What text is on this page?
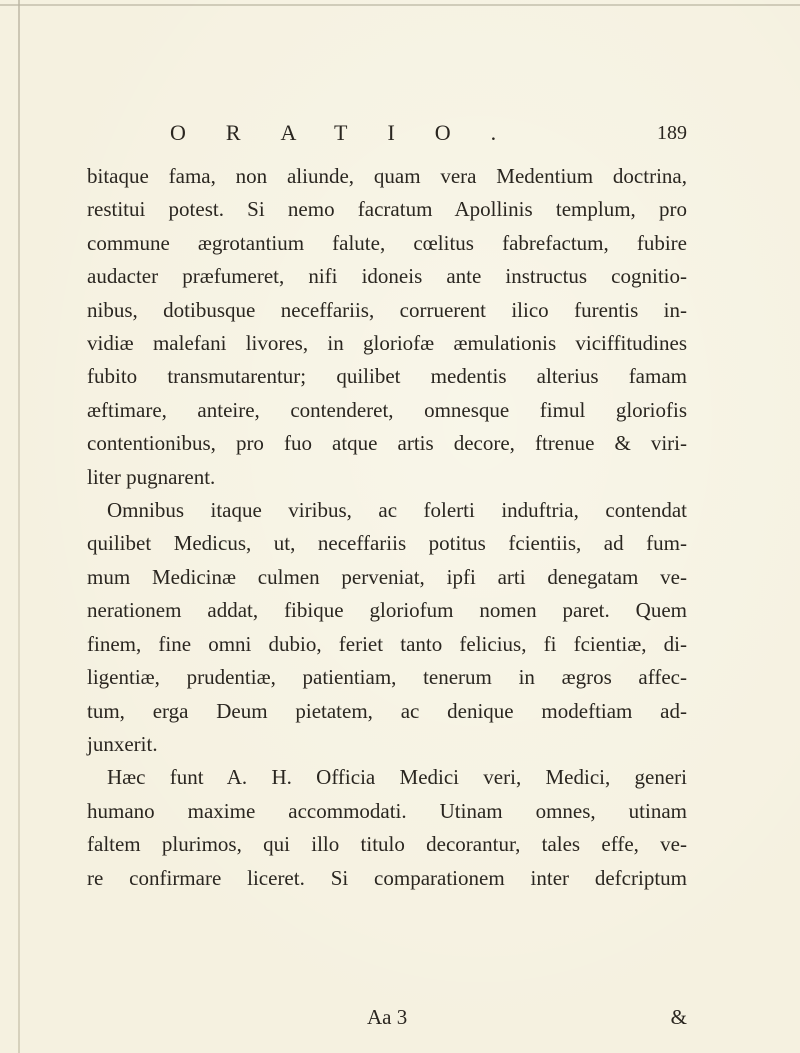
ORATIO.	189
bitaque fama, non aliunde, quam vera Medentium doctrina,
restitui potest. Si nemo facratum Apollinis templum, pro
commune ægrotantium falute, cœlitus fabrefactum, fubire
audacter præfumeret, nifi idoneis ante instructus cognitio-
nibus, dotibusque neceffariis, corruerent ilico furentis in-
vidiæ malefani livores, in gloriofæ æmulationis viciffitudines
fubito transmutarentur; quilibet medentis alterius famam
æftimare, anteire, contenderet, omnesque fimul gloriofis
contentionibus, pro fuo atque artis decore, ftrenue & viri-
liter pugnarent.
Omnibus itaque viribus, ac folerti induftria, contendat
quilibet Medicus, ut, neceffariis potitus fcientiis, ad fum-
mum Medicinæ culmen perveniat, ipfi arti denegatam ve-
nerationem addat, fibique gloriofum nomen paret. Quem
finem, fine omni dubio, feriet tanto felicius, fi fcientiæ, di-
ligentiæ, prudentiæ, patientiam, tenerum in ægros affec-
tum, erga Deum pietatem, ac denique modeftiam ad-
junxerit.
Hæc funt A. H. Officia Medici veri, Medici, generi
humano maxime accommodati. Utinam omnes, utinam
faltem plurimos, qui illo titulo decorantur, tales effe, ve-
re confirmare liceret. Si comparationem inter defcriptum
Aa 3	&
